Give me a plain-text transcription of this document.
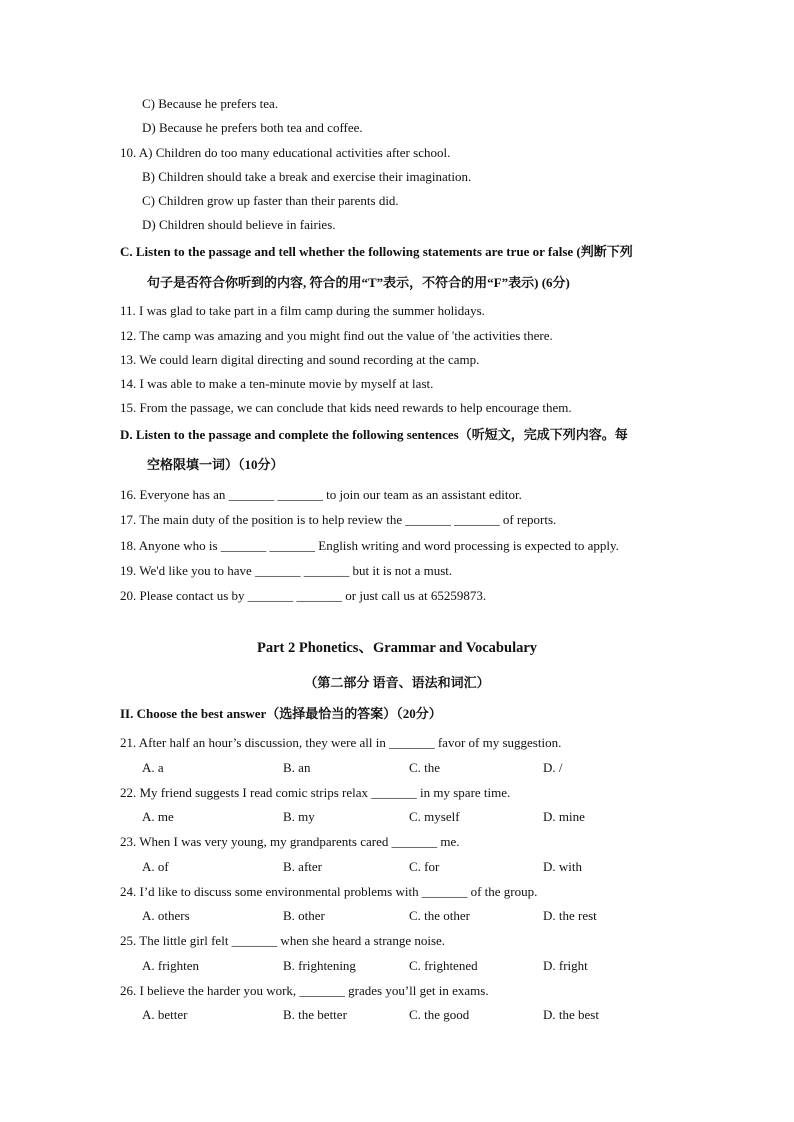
C) Because he prefers tea.
D) Because he prefers both tea and coffee.
10. A) Children do too many educational activities after school.
B) Children should take a break and exercise their imagination.
C) Children grow up faster than their parents did.
D) Children should believe in fairies.
C. Listen to the passage and tell whether the following statements are true or false (判断下列
句子是否符合你听到的内容, 符合的用“T”表示，不符合的用“F”表示) (6分)
11. I was glad to take part in a film camp during the summer holidays.
12. The camp was amazing and you might find out the value of 'the activities there.
13. We could learn digital directing and sound recording at the camp.
14. I was able to make a ten-minute movie by myself at last.
15. From the passage, we can conclude that kids need rewards to help encourage them.
D. Listen to the passage and complete the following sentences（听短文，完成下列内容。每
空格限填一词）（10分）
16. Everyone has an _______ _______ to join our team as an assistant editor.
17. The main duty of the position is to help review the _______ _______ of reports.
18. Anyone who is _______ _______ English writing and word processing is expected to apply.
19. We'd like you to have _______ _______ but it is not a must.
20. Please contact us by _______ _______ or just call us at 65259873.
Part 2 Phonetics、Grammar and Vocabulary
（第二部分 语音、语法和词汇）
II. Choose the best answer（选择最恰当的答案）（20分）
21. After half an hour’s discussion, they were all in _______ favor of my suggestion.
A. a	B. an	C. the	D. /
22. My friend suggests I read comic strips relax _______ in my spare time.
A. me	B. my	C. myself	D. mine
23. When I was very young, my grandparents cared _______ me.
A. of	B. after	C. for	D. with
24. I’d like to discuss some environmental problems with _______ of the group.
A. others	B. other	C. the other	D. the rest
25. The little girl felt _______ when she heard a strange noise.
A. frighten	B. frightening	C. frightened	D. fright
26. I believe the harder you work, _______ grades you’ll get in exams.
A. better	B. the better	C. the good	D. the best
